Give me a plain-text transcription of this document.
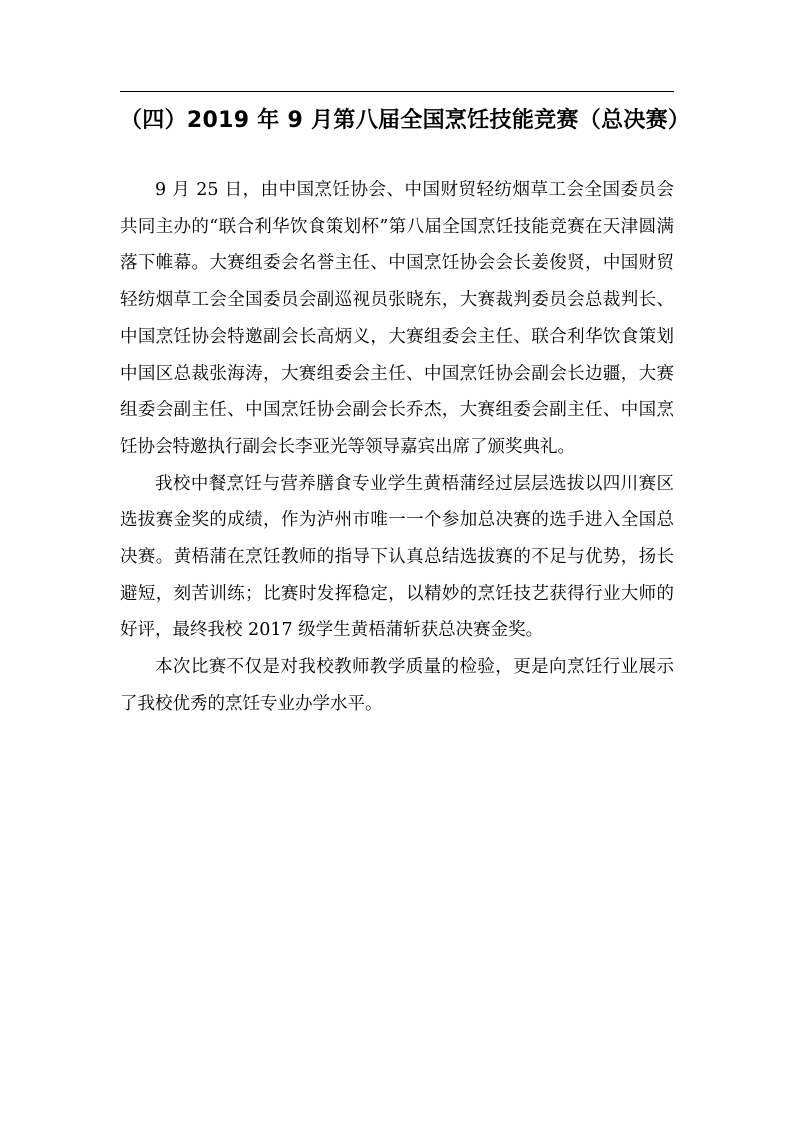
（四）2019 年 9 月第八届全国烹饪技能竞赛（总决赛）

9 月 25 日，由中国烹饪协会、中国财贸轻纺烟草工会全国委员会共同主办的“联合利华饮食策划杯”第八届全国烹饪技能竞赛在天津圆满落下帷幕。大赛组委会名誉主任、中国烹饪协会会长姜俊贤，中国财贸轻纺烟草工会全国委员会副巡视员张晓东，大赛裁判委员会总裁判长、中国烹饪协会特邀副会长高炳义，大赛组委会主任、联合利华饮食策划中国区总裁张海涛，大赛组委会主任、中国烹饪协会副会长边疆，大赛组委会副主任、中国烹饪协会副会长乔杰，大赛组委会副主任、中国烹饪协会特邀执行副会长李亚光等领导嘉宾出席了颁奖典礼。

我校中餐烹饪与营养膳食专业学生黄梧蒲经过层层选拔以四川赛区选拔赛金奖的成绩，作为泸州市唯一一个参加总决赛的选手进入全国总决赛。黄梧蒲在烹饪教师的指导下认真总结选拔赛的不足与优势，扬长避短，刻苦训练；比赛时发挥稳定，以精妙的烹饪技艺获得行业大师的好评，最终我校 2017 级学生黄梧蒲斩获总决赛金奖。

本次比赛不仅是对我校教师教学质量的检验，更是向烹饪行业展示了我校优秀的烹饪专业办学水平。
